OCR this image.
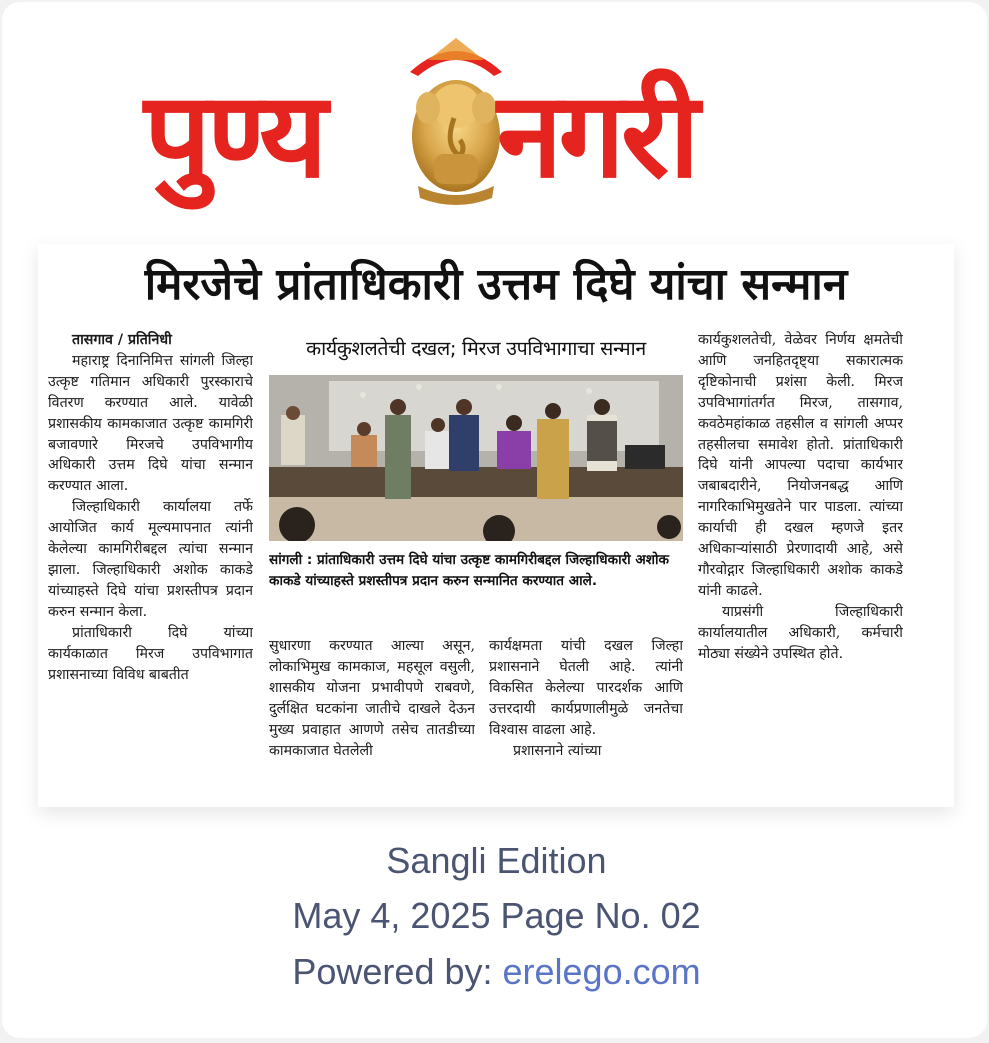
पुण्य नगरी
मिरजेचे प्रांताधिकारी उत्तम दिघे यांचा सन्मान
तासगाव / प्रतिनिधी

महाराष्ट्र दिनानिमित्त सांगली जिल्हा उत्कृष्ट गतिमान अधिकारी पुरस्काराचे वितरण करण्यात आले. यावेळी प्रशासकीय कामकाजात उत्कृष्ट कामगिरी बजावणारे मिरजचे उपविभागीय अधिकारी उत्तम दिघे यांचा सन्मान करण्यात आला.

जिल्हाधिकारी कार्यालया तर्फे आयोजित कार्य मूल्यमापनात त्यांनी केलेल्या कामगिरीबद्दल त्यांचा सन्मान झाला. जिल्हाधिकारी अशोक काकडे यांच्याहस्ते दिघे यांचा प्रशस्तीपत्र प्रदान करुन सन्मान केला.

प्रांताधिकारी दिघे यांच्या कार्यकाळात मिरज उपविभागात प्रशासनाच्या विविध बाबतीत

कार्यकुशलतेची दखल; मिरज उपविभागाचा सन्मान
सांगली : प्रांताधिकारी उत्तम दिघे यांचा उत्कृष्ट कामगिरीबद्दल जिल्हाधिकारी अशोक काकडे यांच्याहस्ते प्रशस्तीपत्र प्रदान करुन सन्मानित करण्यात आले.
सुधारणा करण्यात आल्या असून, लोकाभिमुख कामकाज, महसूल वसुली, शासकीय योजना प्रभावीपणे राबवणे, दुर्लक्षित घटकांना जातीचे दाखले देऊन मुख्य प्रवाहात आणणे तसेच तातडीच्या कामकाजात घेतलेली
कार्यक्षमता यांची दखल जिल्हा प्रशासनाने घेतली आहे. त्यांनी विकसित केलेल्या पारदर्शक आणि उत्तरदायी कार्यप्रणालीमुळे जनतेचा विश्वास वाढला आहे.

प्रशासनाने त्यांच्या

कार्यकुशलतेची, वेळेवर निर्णय क्षमतेची आणि जनहितदृष्ट्या सकारात्मक दृष्टिकोनाची प्रशंसा केली. मिरज उपविभागांतर्गत मिरज, तासगाव, कवठेमहांकाळ तहसील व सांगली अप्पर तहसीलचा समावेश होतो. प्रांताधिकारी दिघे यांनी आपल्या पदाचा कार्यभार जबाबदारीने, नियोजनबद्ध आणि नागरिकाभिमुखतेने पार पाडला. त्यांच्या कार्याची ही दखल म्हणजे इतर अधिकाऱ्यांसाठी प्रेरणादायी आहे, असे गौरवोद्गार जिल्हाधिकारी अशोक काकडे यांनी काढले.

याप्रसंगी जिल्हाधिकारी कार्यालयातील अधिकारी, कर्मचारी मोठ्या संख्येने उपस्थित होते.

Sangli Edition
May 4, 2025 Page No. 02
Powered by: erelego.com
